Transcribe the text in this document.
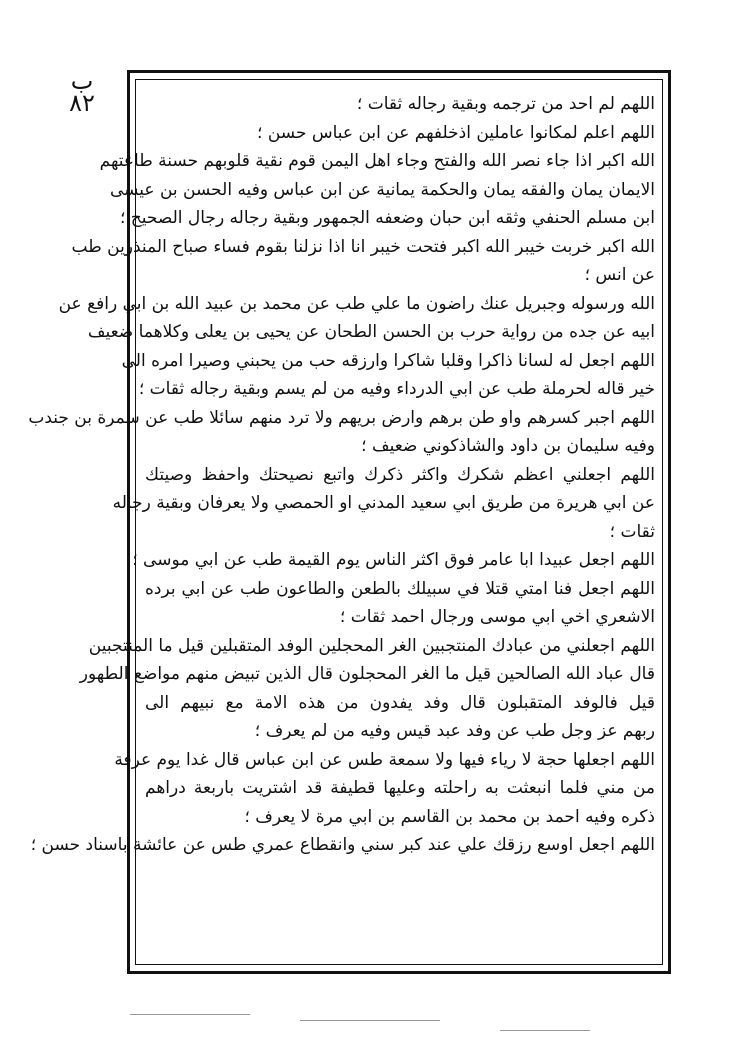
ب
٨٢	اللهم لم احد من ترجمه وبقية رجاله ثقات ؛
اللهم اعلم لمكانوا عاملين اذخلفهم عن ابن عباس حسن ؛
الله اكبر اذا جاء نصر الله والفتح وجاء اهل اليمن قوم نقية قلوبهم حسنة طاعتهم
الايمان يمان والفقه يمان والحكمة يمانية عن ابن عباس وفيه الحسن بن عيسى
ابن مسلم الحنفي وثقه ابن حبان وضعفه الجمهور وبقية رجاله رجال الصحيح ؛
الله اكبر خربت خيبر الله اكبر فتحت خيبر انا اذا نزلنا بقوم فساء صباح المنذرين طب
عن انس ؛
الله ورسوله وجبريل عنك راضون ما علي طب عن محمد بن عبيد الله بن ابي رافع عن
ابيه عن جده من رواية حرب بن الحسن الطحان عن يحيى بن يعلى وكلاهما ضعيف
اللهم اجعل له لسانا ذاكرا وقلبا شاكرا وارزقه حب من يحبني وصيرا امره الى
خير قاله لحرملة طب عن ابي الدرداء وفيه من لم يسم وبقية رجاله ثقات ؛
اللهم اجبر كسرهم واو طن برهم وارض بريهم ولا ترد منهم سائلا طب عن سمرة بن جندب
وفيه سليمان بن داود والشاذكوني ضعيف ؛
اللهم اجعلني اعظم شكرك واكثر ذكرك واتبع نصيحتك واحفظ وصيتك
عن ابي هريرة من طريق ابي سعيد المدني او الحمصي ولا يعرفان وبقية رجاله
ثقات ؛
اللهم اجعل عبيدا ابا عامر فوق اكثر الناس يوم القيمة طب عن ابي موسى ؛
اللهم اجعل فنا امتي قتلا في سبيلك بالطعن والطاعون طب عن ابي برده
الاشعري اخي ابي موسى ورجال احمد ثقات ؛
اللهم اجعلني من عبادك المنتجبين الغر المحجلين الوفد المتقبلين قيل ما المنتجبين
قال عباد الله الصالحين قيل ما الغر المحجلون قال الذين تبيض منهم مواضع الطهور
قيل فالوفد المتقبلون قال وفد يفدون من هذه الامة مع نبيهم الى
ربهم عز وجل طب عن وفد عبد قيس وفيه من لم يعرف ؛
اللهم اجعلها حجة لا رياء فيها ولا سمعة طس عن ابن عباس قال غدا يوم عرفة
من مني فلما انبعثت به راحلته وعليها قطيفة قد اشتريت باربعة دراهم
ذكره وفيه احمد بن محمد بن القاسم بن ابي مرة لا يعرف ؛
اللهم اجعل اوسع رزقك علي عند كبر سني وانقطاع عمري طس عن عائشة باسناد حسن ؛
